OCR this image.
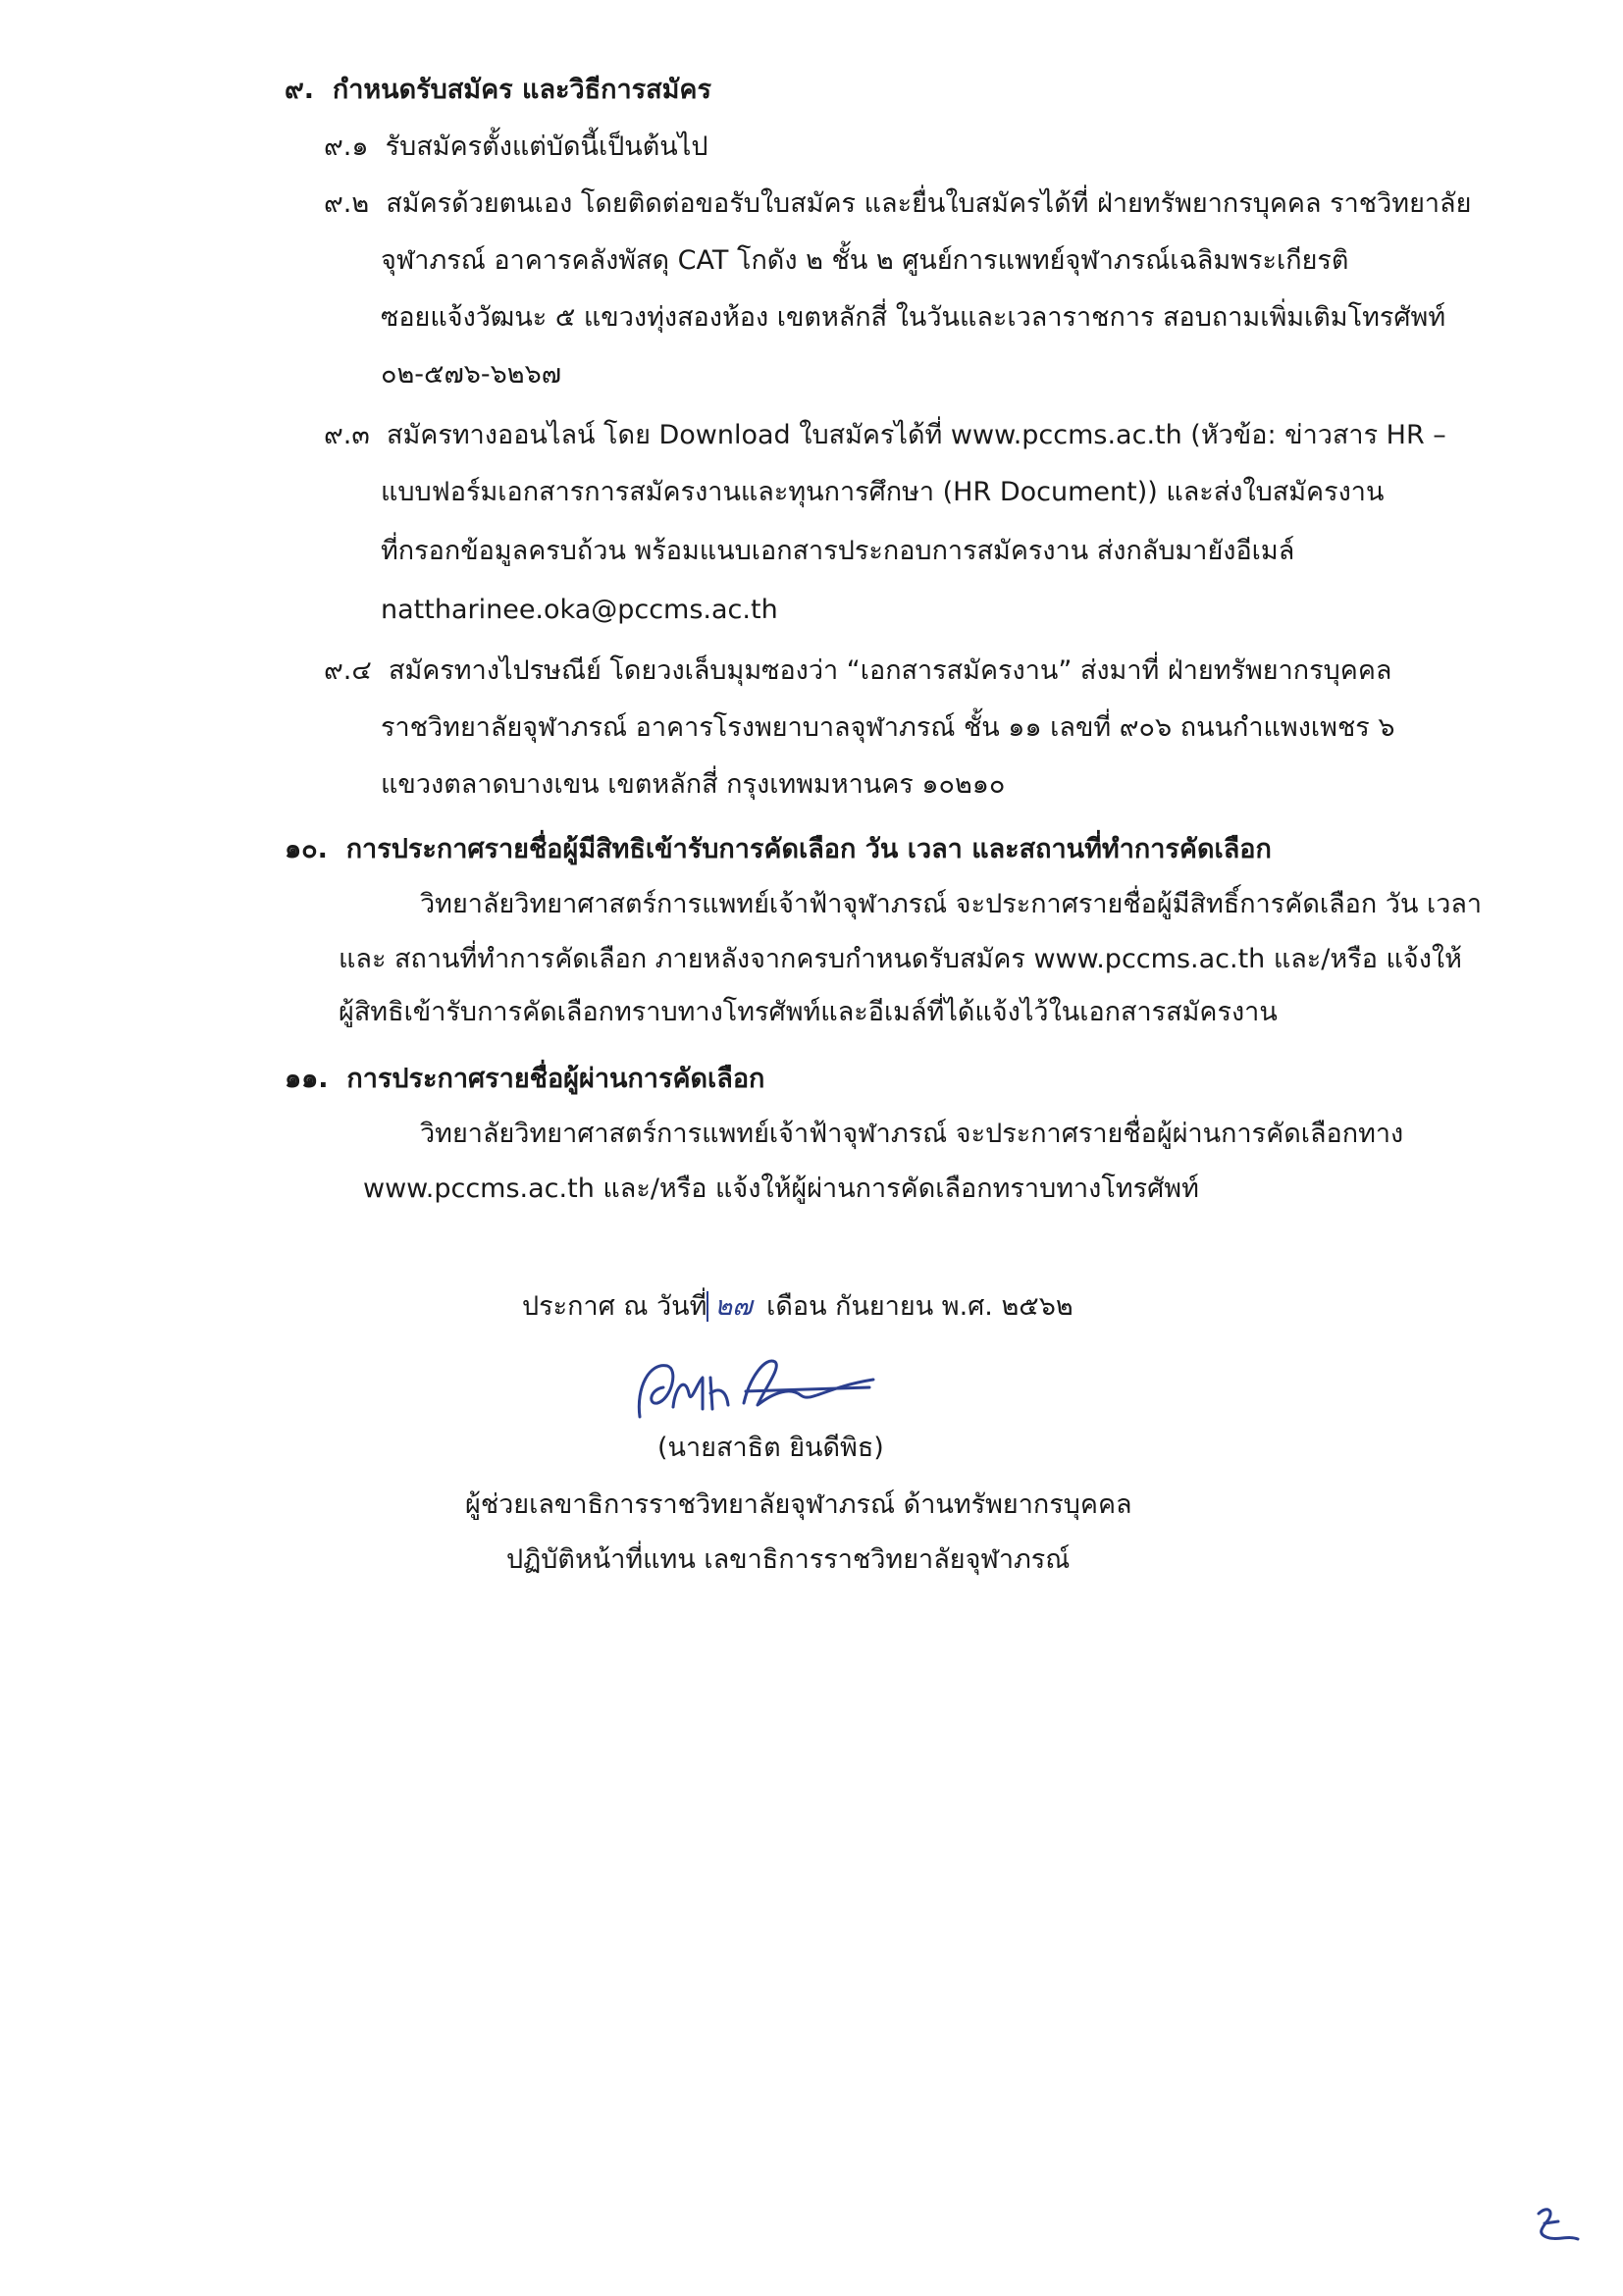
๙. กำหนดรับสมัคร และวิธีการสมัคร
๙.๑ รับสมัครตั้งแต่บัดนี้เป็นต้นไป
๙.๒ สมัครด้วยตนเอง โดยติดต่อขอรับใบสมัคร และยื่นใบสมัครได้ที่ ฝ่ายทรัพยากรบุคคล ราชวิทยาลัย
จุฬาภรณ์ อาคารคลังพัสดุ CAT โกดัง ๒ ชั้น ๒ ศูนย์การแพทย์จุฬาภรณ์เฉลิมพระเกียรติ
ซอยแจ้งวัฒนะ ๕ แขวงทุ่งสองห้อง เขตหลักสี่ ในวันและเวลาราชการ สอบถามเพิ่มเติมโทรศัพท์
๐๒-๕๗๖-๖๒๖๗
๙.๓ สมัครทางออนไลน์ โดย Download ใบสมัครได้ที่ www.pccms.ac.th (หัวข้อ: ข่าวสาร HR –
แบบฟอร์มเอกสารการสมัครงานและทุนการศึกษา (HR Document)) และส่งใบสมัครงาน
ที่กรอกข้อมูลครบถ้วน พร้อมแนบเอกสารประกอบการสมัครงาน ส่งกลับมายังอีเมล์
nattharinee.oka@pccms.ac.th
๙.๔ สมัครทางไปรษณีย์ โดยวงเล็บมุมซองว่า “เอกสารสมัครงาน” ส่งมาที่ ฝ่ายทรัพยากรบุคคล
ราชวิทยาลัยจุฬาภรณ์ อาคารโรงพยาบาลจุฬาภรณ์ ชั้น ๑๑ เลขที่ ๙๐๖ ถนนกำแพงเพชร ๖
แขวงตลาดบางเขน เขตหลักสี่ กรุงเทพมหานคร ๑๐๒๑๐
๑๐. การประกาศรายชื่อผู้มีสิทธิเข้ารับการคัดเลือก วัน เวลา และสถานที่ทำการคัดเลือก
วิทยาลัยวิทยาศาสตร์การแพทย์เจ้าฟ้าจุฬาภรณ์ จะประกาศรายชื่อผู้มีสิทธิ์การคัดเลือก วัน เวลา
และ สถานที่ทำการคัดเลือก ภายหลังจากครบกำหนดรับสมัคร www.pccms.ac.th และ/หรือ แจ้งให้
ผู้สิทธิเข้ารับการคัดเลือกทราบทางโทรศัพท์และอีเมล์ที่ได้แจ้งไว้ในเอกสารสมัครงาน
๑๑. การประกาศรายชื่อผู้ผ่านการคัดเลือก
วิทยาลัยวิทยาศาสตร์การแพทย์เจ้าฟ้าจุฬาภรณ์ จะประกาศรายชื่อผู้ผ่านการคัดเลือกทาง
www.pccms.ac.th และ/หรือ แจ้งให้ผู้ผ่านการคัดเลือกทราบทางโทรศัพท์
ประกาศ ณ วันที่ ๒๗ เดือน กันยายน พ.ศ. ๒๕๖๒
(นายสาธิต ยินดีพิธ)
ผู้ช่วยเลขาธิการราชวิทยาลัยจุฬาภรณ์ ด้านทรัพยากรบุคคล
ปฏิบัติหน้าที่แทน เลขาธิการราชวิทยาลัยจุฬาภรณ์
